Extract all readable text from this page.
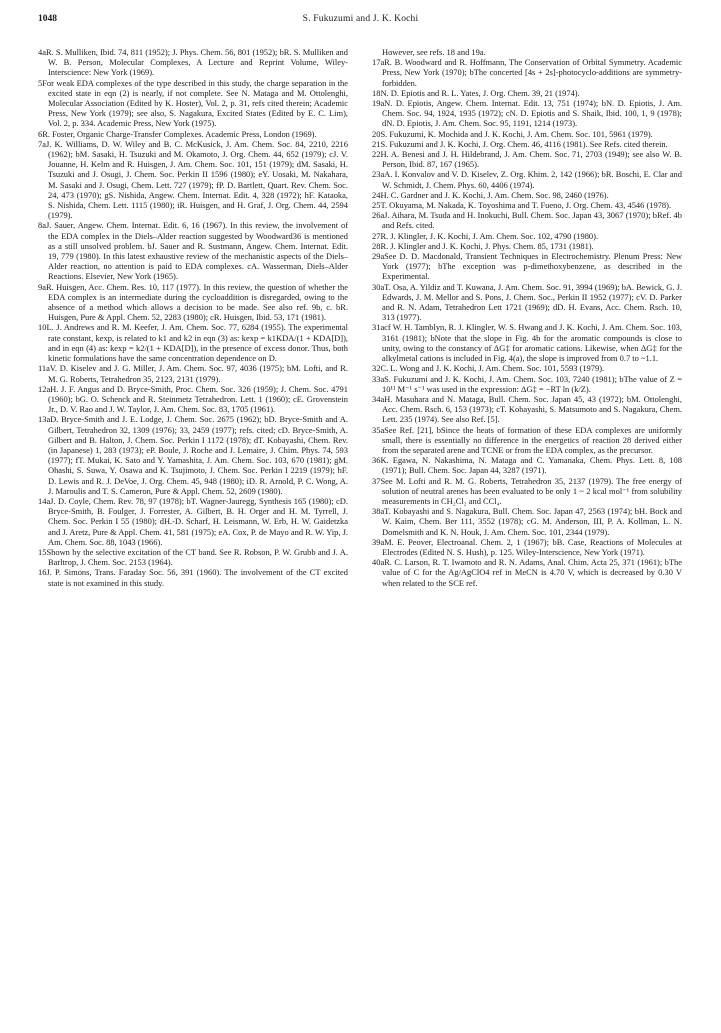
1048	S. Fukuzumi and J. K. Kochi

4aR. S. Mulliken, Ibid. 74, 811 (1952); J. Phys. Chem. 56, 801 (1952); bR. S. Mulliken and W. B. Person, Molecular Complexes, A Lecture and Reprint Volume, Wiley-Interscience: New York (1969).

5For weak EDA complexes of the type described in this study, the charge separation in the excited state in eqn (2) is nearly, if not complete. See N. Mataga and M. Ottolenghi, Molecular Association (Edited by K. Hoster), Vol. 2, p. 31, refs cited therein; Academic Press, New York (1979); see also, S. Nagakura, Excited States (Edited by E. C. Lim), Vol. 2, p. 334. Academic Press, New York (1975).

6R. Foster, Organic Charge-Transfer Complexes. Academic Press, London (1969).

7aJ. K. Williams, D. W. Wiley and B. C. McKusick, J. Am. Chem. Soc. 84, 2210, 2216 (1962); bM. Sasaki, H. Tsuzuki and M. Okamoto, J. Org. Chem. 44, 652 (1979); cJ. V. Jouanne, H. Kelm and R. Huisgen, J. Am. Chem. Soc. 101, 151 (1979); dM. Sasaki, H. Tsuzuki and J. Osugi, J. Chem. Soc. Perkin II 1596 (1980); eY. Uosaki, M. Nakahara, M. Sasaki and J. Osugi, Chem. Lett. 727 (1979); fP. D. Bartlett, Quart. Rev. Chem. Soc. 24, 473 (1970); gS. Nishida, Angew. Chem. Internat. Edit. 4, 328 (1972); hF. Kataoka, S. Nishida, Chem. Lett. 1115 (1980); iR. Huisgen, and H. Graf, J. Org. Chem. 44, 2594 (1979).

8aJ. Sauer, Angew. Chem. Internat. Edit. 6, 16 (1967). In this review, the involvement of the EDA complex in the Diels–Alder reaction suggested by Woodward36 is mentioned as a still unsolved problem. bJ. Sauer and R. Sustmann, Angew. Chem. Internat. Edit. 19, 779 (1980). In this latest exhaustive review of the mechanistic aspects of the Diels–Alder reaction, no attention is paid to EDA complexes. cA. Wasserman, Diels–Alder Reactions. Elsevier, New York (1965).

9aR. Huisgen, Acc. Chem. Res. 10, 117 (1977). In this review, the question of whether the EDA complex is an intermediate during the cycloaddition is disregarded, owing to the absence of a method which allows a decision to be made. See also ref. 9b, c. bR. Huisgen, Pure & Appl. Chem. 52, 2283 (1980); cR. Huisgen, Ibid. 53, 171 (1981).

10L. J. Andrews and R. M. Keefer, J. Am. Chem. Soc. 77, 6284 (1955). The experimental rate constant, kexp, is related to k1 and k2 in eqn (3) as: kexp = k1KDA/(1 + KDA[D]), and in eqn (4) as: kexp = k2/(1 + KDA[D]), in the presence of excess donor. Thus, both kinetic formulations have the same concentration dependence on D.

11aV. D. Kiselev and J. G. Miller, J. Am. Chem. Soc. 97, 4036 (1975); bM. Lofti, and R. M. G. Roberts, Tetrahedron 35, 2123, 2131 (1979).

12aH. J. F. Angus and D. Bryce-Smith, Proc. Chem. Soc. 326 (1959); J. Chem. Soc. 4791 (1960); bG. O. Schenck and R. Steinmetz Tetrahedron. Lett. 1 (1960); cE. Grovenstein Jr., D. V. Rao and J. W. Taylor, J. Am. Chem. Soc. 83, 1705 (1961).

13aD. Bryce-Smith and J. E. Lodge, J. Chem. Soc. 2675 (1962); bD. Bryce-Smith and A. Gilbert, Tetrahedron 32, 1309 (1976); 33, 2459 (1977); refs. cited; cD. Bryce-Smith, A. Gilbert and B. Halton, J. Chem. Soc. Perkin I 1172 (1978); dT. Kobayashi, Chem. Rev. (in Japanese) 1, 283 (1973); eP. Boule, J. Roche and J. Lemaire, J. Chim. Phys. 74, 593 (1977); fT. Mukai, K. Sato and Y. Yamashita, J. Am. Chem. Soc. 103, 670 (1981); gM. Ohashi, S. Suwa, Y. Osawa and K. Tsujimoto, J. Chem. Soc. Perkin I 2219 (1979); hF. D. Lewis and R. J. DeVoe, J. Org. Chem. 45, 948 (1980); iD. R. Arnold, P. C. Wong, A. J. Maroulis and T. S. Cameron, Pure & Appl. Chem. 52, 2609 (1980).

14aJ. D. Coyle, Chem. Rev. 78, 97 (1978); bT. Wagner-Jauregg, Synthesis 165 (1980); cD. Bryce-Smith, B. Foulger, J. Forrester, A. Gilbert, B. H. Orger and H. M. Tyrrell, J. Chem. Soc. Perkin I 55 (1980); dH.-D. Scharf, H. Leismann, W. Erb, H. W. Gaidetzka and J. Aretz, Pure & Appl. Chem. 41, 581 (1975); eA. Cox, P. de Mayo and R. W. Yip, J. Am. Chem. Soc. 88, 1043 (1966).

15Shown by the selective excitation of the CT band. See R. Robson, P. W. Grubb and J. A. Barltrop, J. Chem. Soc. 2153 (1964).

16J. P. Simons, Trans. Faraday Soc. 56, 391 (1960). The involvement of the CT excited state is not examined in this study.

However, see refs. 18 and 19a.

17aR. B. Woodward and R. Hoffmann, The Conservation of Orbital Symmetry. Academic Press, New York (1970); bThe concerted [4s + 2s]-photocyclo-additions are symmetry-forbidden.

18N. D. Epiotis and R. L. Yates, J. Org. Chem. 39, 21 (1974).

19aN. D. Epiotis, Angew. Chem. Internat. Edit. 13, 751 (1974); bN. D. Epiotis, J. Am. Chem. Soc. 94, 1924, 1935 (1972); cN. D. Epiotis and S. Shaik, Ibid. 100, 1, 9 (1978); dN. D. Epiotis, J. Am. Chem. Soc. 95, 1191, 1214 (1973).

20S. Fukuzumi, K. Mochida and J. K. Kochi, J. Am. Chem. Soc. 101, 5961 (1979).

21S. Fukuzumi and J. K. Kochi, J. Org. Chem. 46, 4116 (1981). See Refs. cited therein.

22H. A. Benesi and J. H. Hildebrand, J. Am. Chem. Soc. 71, 2703 (1949); see also W. B. Person, Ibid. 87, 167 (1965).

23aA. I. Konvalov and V. D. Kiselev, Z. Org. Khim. 2, 142 (1966); bR. Boschi, E. Clar and W. Schmidt, J. Chem. Phys. 60, 4406 (1974).

24H. C. Gardner and J. K. Kochi, J. Am. Chem. Soc. 98, 2460 (1976).

25T. Okuyama, M. Nakada, K. Toyoshima and T. Fueno, J. Org. Chem. 43, 4546 (1978).

26aJ. Aihara, M. Tsuda and H. Inokuchi, Bull. Chem. Soc. Japan 43, 3067 (1970); bRef. 4b and Refs. cited.

27R. J. Klingler, J. K. Kochi, J. Am. Chem. Soc. 102, 4790 (1980).

28R. J. Klingler and J. K. Kochi, J. Phys. Chem. 85, 1731 (1981).

29aSee D. D. Macdonald, Transient Techniques in Electrochemistry. Plenum Press: New York (1977); bThe exception was p-dimethoxybenzene, as described in the Experimental.

30aT. Osa, A. Yildiz and T. Kuwana, J. Am. Chem. Soc. 91, 3994 (1969); bA. Bewick, G. J. Edwards, J. M. Mellor and S. Pons, J. Chem. Soc., Perkin II 1952 (1977); cV. D. Parker and R. N. Adam, Tetrahedron Lett 1721 (1969); dD. H. Evans, Acc. Chem. Rsch. 10, 313 (1977).

31acf W. H. Tamblyn, R. J. Klingler, W. S. Hwang and J. K. Kochi, J. Am. Chem. Soc. 103, 3161 (1981); bNote that the slope in Fig. 4b for the aromatic compounds is close to unity, owing to the constancy of ΔG‡ for aromatic cations. Likewise, when ΔG‡ for the alkylmetal cations is included in Fig. 4(a), the slope is improved from 0.7 to ~1.1.

32C. L. Wong and J. K. Kochi, J. Am. Chem. Soc. 101, 5593 (1979).

33aS. Fukuzumi and J. K. Kochi, J. Am. Chem. Soc. 103, 7240 (1981); bThe value of Z = 10¹¹ M⁻¹ s⁻¹ was used in the expression: ΔG‡ = −RT ln (k/Z).

34aH. Masuhara and N. Mataga, Bull. Chem. Soc. Japan 45, 43 (1972); bM. Ottolenghi, Acc. Chem. Rsch. 6, 153 (1973); cT. Kobayashi, S. Matsumoto and S. Nagakura, Chem. Lett. 235 (1974). See also Ref. [5].

35aSee Ref. [21], bSince the heats of formation of these EDA complexes are uniformly small, there is essentially no difference in the energetics of reaction 28 derived either from the separated arene and TCNE or from the EDA complex, as the precursor.

36K. Egawa, N. Nakashima, N. Mataga and C. Yamanaka, Chem. Phys. Lett. 8, 108 (1971); Bull. Chem. Soc. Japan 44, 3287 (1971).

37See M. Lofti and R. M. G. Roberts, Tetrahedron 35, 2137 (1979). The free energy of solution of neutral arenes has been evaluated to be only 1 ~ 2 kcal mol⁻¹ from solubility measurements in CH₂Cl₂ and CCl₄.

38aT. Kobayashi and S. Nagakura, Bull. Chem. Soc. Japan 47, 2563 (1974); bH. Bock and W. Kaim, Chem. Ber 111, 3552 (1978); cG. M. Anderson, III, P. A. Kollman, L. N. Domelsmith and K. N. Houk, J. Am. Chem. Soc. 101, 2344 (1979).

39aM. E. Peover, Electroanal. Chem. 2, 1 (1967); bB. Case, Reactions of Molecules at Electrodes (Edited N. S. Hush), p. 125. Wiley-Interscience, New York (1971).

40aR. C. Larson, R. T. Iwamoto and R. N. Adams, Anal. Chim. Acta 25, 371 (1961); bThe value of C for the Ag/AgClO4 ref in MeCN is 4.70 V, which is decreased by 0.30 V when related to the SCE ref.
